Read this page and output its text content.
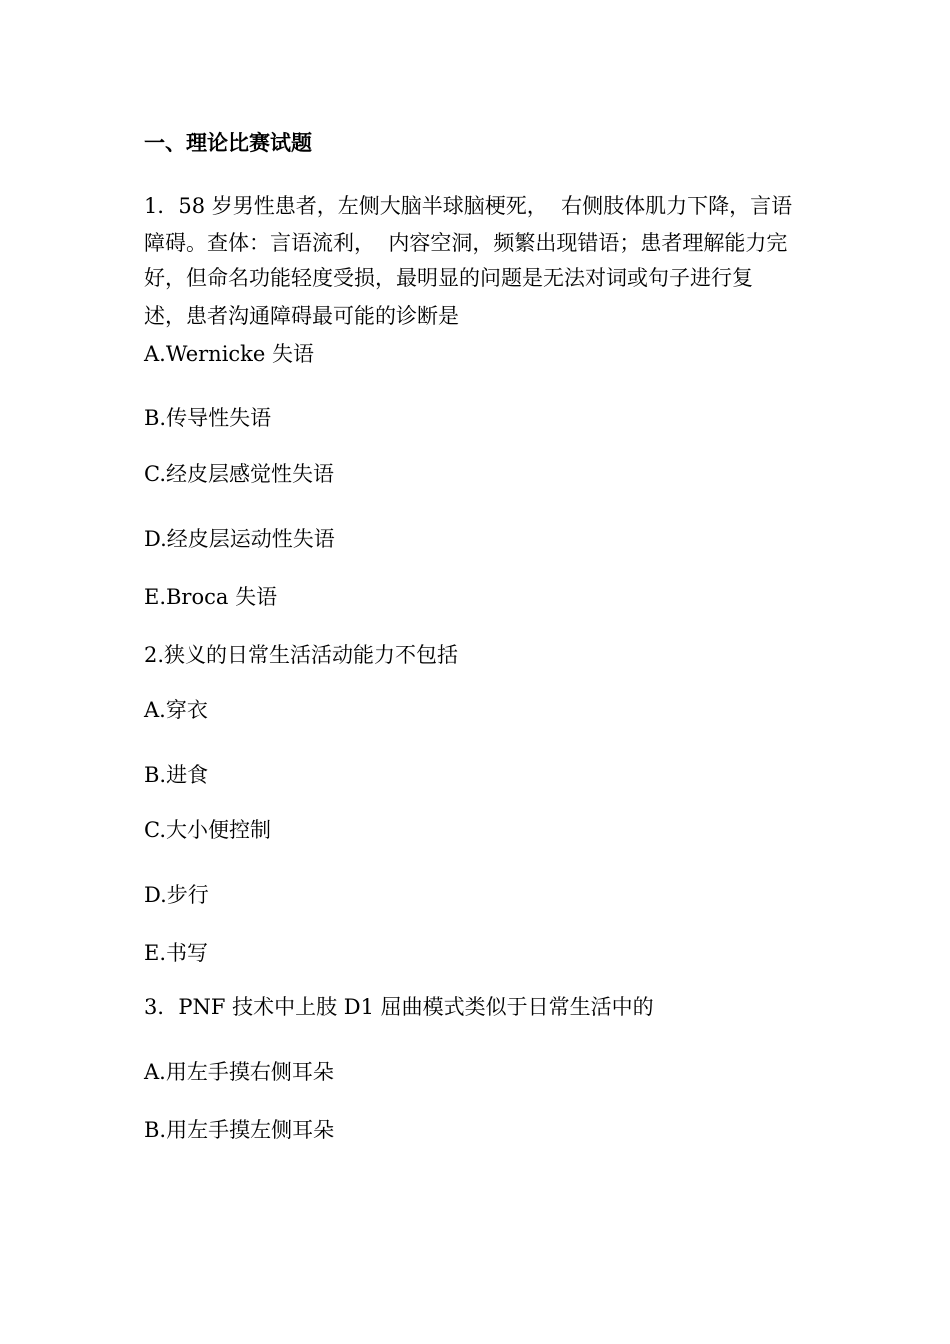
一、理论比赛试题

1．58 岁男性患者，左侧大脑半球脑梗死，  右侧肢体肌力下降，言语

障碍。查体：言语流利，  内容空洞，频繁出现错语；患者理解能力完

好，但命名功能轻度受损，最明显的问题是无法对词或句子进行复

述，患者沟通障碍最可能的诊断是

A.Wernicke 失语

B.传导性失语

C.经皮层感觉性失语

D.经皮层运动性失语

E.Broca 失语

2.狭义的日常生活活动能力不包括

A.穿衣

B.进食

C.大小便控制

D.步行

E.书写

3．PNF 技术中上肢 D1 屈曲模式类似于日常生活中的

A.用左手摸右侧耳朵

B.用左手摸左侧耳朵
